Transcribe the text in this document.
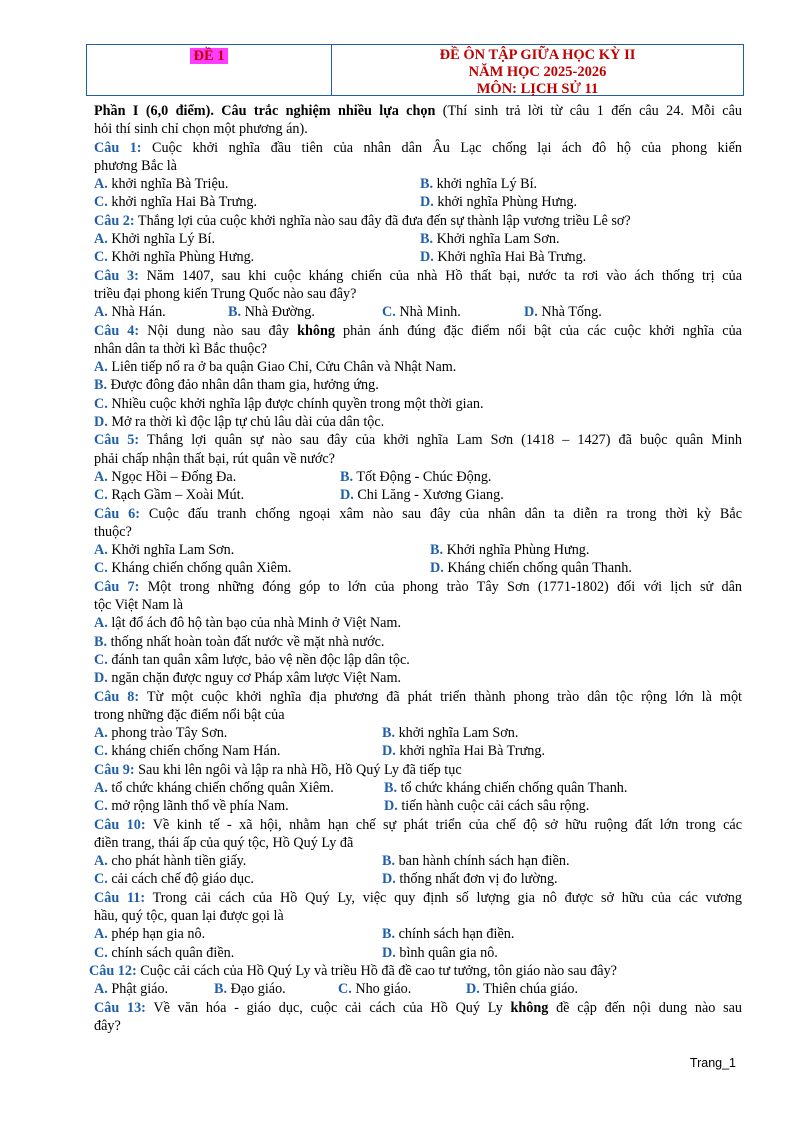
ĐỀ 1	ĐỀ ÔN TẬP GIỮA HỌC KỲ II
NĂM HỌC 2025-2026
MÔN: LỊCH SỬ 11
Phần I (6,0 điểm). Câu trắc nghiệm nhiều lựa chọn (Thí sinh trả lời từ câu 1 đến câu 24. Mỗi câu
hỏi thí sinh chỉ chọn một phương án).
Câu 1: Cuộc khởi nghĩa đầu tiên của nhân dân Âu Lạc chống lại ách đô hộ của phong kiến
phương Bắc là
A. khởi nghĩa Bà Triệu.	B. khởi nghĩa Lý Bí.
C. khởi nghĩa Hai Bà Trưng.	D. khởi nghĩa Phùng Hưng.
Câu 2: Thắng lợi của cuộc khởi nghĩa nào sau đây đã đưa đến sự thành lập vương triều Lê sơ?
A. Khởi nghĩa Lý Bí.	B. Khởi nghĩa Lam Sơn.
C. Khởi nghĩa Phùng Hưng.	D. Khởi nghĩa Hai Bà Trưng.
Câu 3: Năm 1407, sau khi cuộc kháng chiến của nhà Hồ thất bại, nước ta rơi vào ách thống trị của
triều đại phong kiến Trung Quốc nào sau đây?
A. Nhà Hán.	B. Nhà Đường.	C. Nhà Minh.	D. Nhà Tống.
Câu 4: Nội dung nào sau đây không phản ánh đúng đặc điểm nổi bật của các cuộc khởi nghĩa của
nhân dân ta thời kì Bắc thuộc?
A. Liên tiếp nổ ra ở ba quận Giao Chỉ, Cửu Chân và Nhật Nam.
B. Được đông đảo nhân dân tham gia, hưởng ứng.
C. Nhiều cuộc khởi nghĩa lập được chính quyền trong một thời gian.
D. Mở ra thời kì độc lập tự chủ lâu dài của dân tộc.
Câu 5: Thắng lợi quân sự nào sau đây của khởi nghĩa Lam Sơn (1418 – 1427) đã buộc quân Minh
phải chấp nhận thất bại, rút quân về nước?
A. Ngọc Hồi – Đống Đa.	B. Tốt Động - Chúc Động.
C. Rạch Gầm – Xoài Mút.	D. Chi Lăng - Xương Giang.
Câu 6: Cuộc đấu tranh chống ngoại xâm nào sau đây của nhân dân ta diễn ra trong thời kỳ Bắc
thuộc?
A. Khởi nghĩa Lam Sơn.	B. Khởi nghĩa Phùng Hưng.
C. Kháng chiến chống quân Xiêm.	D. Kháng chiến chống quân Thanh.
Câu 7: Một trong những đóng góp to lớn của phong trào Tây Sơn (1771-1802) đối với lịch sử dân
tộc Việt Nam là
A. lật đổ ách đô hộ tàn bạo của nhà Minh ở Việt Nam.
B. thống nhất hoàn toàn đất nước về mặt nhà nước.
C. đánh tan quân xâm lược, bảo vệ nền độc lập dân tộc.
D. ngăn chặn được nguy cơ Pháp xâm lược Việt Nam.
Câu 8: Từ một cuộc khởi nghĩa địa phương đã phát triển thành phong trào dân tộc rộng lớn là một
trong những đặc điểm nổi bật của
A. phong trào Tây Sơn.	B. khởi nghĩa Lam Sơn.
C. kháng chiến chống Nam Hán.	D. khởi nghĩa Hai Bà Trưng.
Câu 9: Sau khi lên ngôi và lập ra nhà Hồ, Hồ Quý Ly đã tiếp tục
A. tổ chức kháng chiến chống quân Xiêm.	B. tổ chức kháng chiến chống quân Thanh.
C. mở rộng lãnh thổ về phía Nam.	D. tiến hành cuộc cải cách sâu rộng.
Câu 10: Về kinh tế - xã hội, nhằm hạn chế sự phát triển của chế độ sở hữu ruộng đất lớn trong các
điền trang, thái ấp của quý tộc, Hồ Quý Ly đã
A. cho phát hành tiền giấy.	B. ban hành chính sách hạn điền.
C. cải cách chế độ giáo dục.	D. thống nhất đơn vị đo lường.
Câu 11: Trong cải cách của Hồ Quý Ly, việc quy định số lượng gia nô được sở hữu của các vương
hầu, quý tộc, quan lại được gọi là
A. phép hạn gia nô.	B. chính sách hạn điền.
C. chính sách quân điền.	D. bình quân gia nô.
Câu 12: Cuộc cải cách của Hồ Quý Ly và triều Hồ đã đề cao tư tưởng, tôn giáo nào sau đây?
A. Phật giáo.	B. Đạo giáo.	C. Nho giáo.	D. Thiên chúa giáo.
Câu 13: Về văn hóa - giáo dục, cuộc cải cách của Hồ Quý Ly không đề cập đến nội dung nào sau
đây?
Trang_1
